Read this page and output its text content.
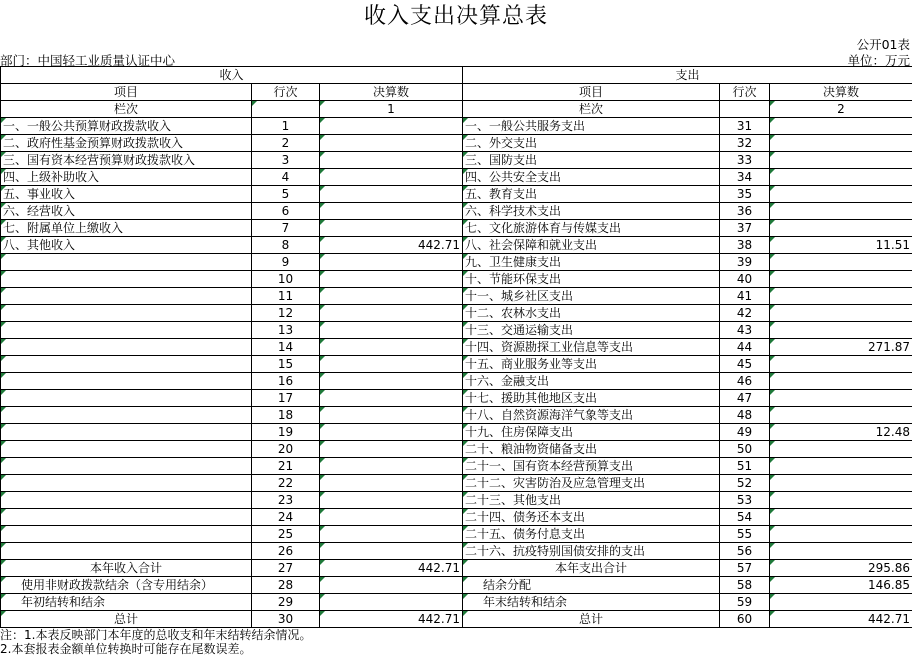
收入支出决算总表
公开01表
部门：中国轻工业质量认证中心	单位：万元
收入			支出		
项目	行次	决算数	项目	行次	决算数
栏次		1	栏次		2
一、一般公共预算财政拨款收入	1		一、一般公共服务支出	31	
二、政府性基金预算财政拨款收入	2		二、外交支出	32	
三、国有资本经营预算财政拨款收入	3		三、国防支出	33	
四、上级补助收入	4		四、公共安全支出	34	
五、事业收入	5		五、教育支出	35	
六、经营收入	6		六、科学技术支出	36	
七、附属单位上缴收入	7		七、文化旅游体育与传媒支出	37	
八、其他收入	8	442.71	八、社会保障和就业支出	38	11.51
	9		九、卫生健康支出	39	
	10		十、节能环保支出	40	
	11		十一、城乡社区支出	41	
	12		十二、农林水支出	42	
	13		十三、交通运输支出	43	
	14		十四、资源勘探工业信息等支出	44	271.87
	15		十五、商业服务业等支出	45	
	16		十六、金融支出	46	
	17		十七、援助其他地区支出	47	
	18		十八、自然资源海洋气象等支出	48	
	19		十九、住房保障支出	49	12.48
	20		二十、粮油物资储备支出	50	
	21		二十一、国有资本经营预算支出	51	
	22		二十二、灾害防治及应急管理支出	52	
	23		二十三、其他支出	53	
	24		二十四、债务还本支出	54	
	25		二十五、债务付息支出	55	
	26		二十六、抗疫特别国债安排的支出	56	
本年收入合计	27	442.71	本年支出合计	57	295.86
使用非财政拨款结余（含专用结余）	28		结余分配	58	146.85
年初结转和结余	29		年末结转和结余	59	
总计	30	442.71	总计	60	442.71
注：1.本表反映部门本年度的总收支和年末结转结余情况。
2.本套报表金额单位转换时可能存在尾数误差。
